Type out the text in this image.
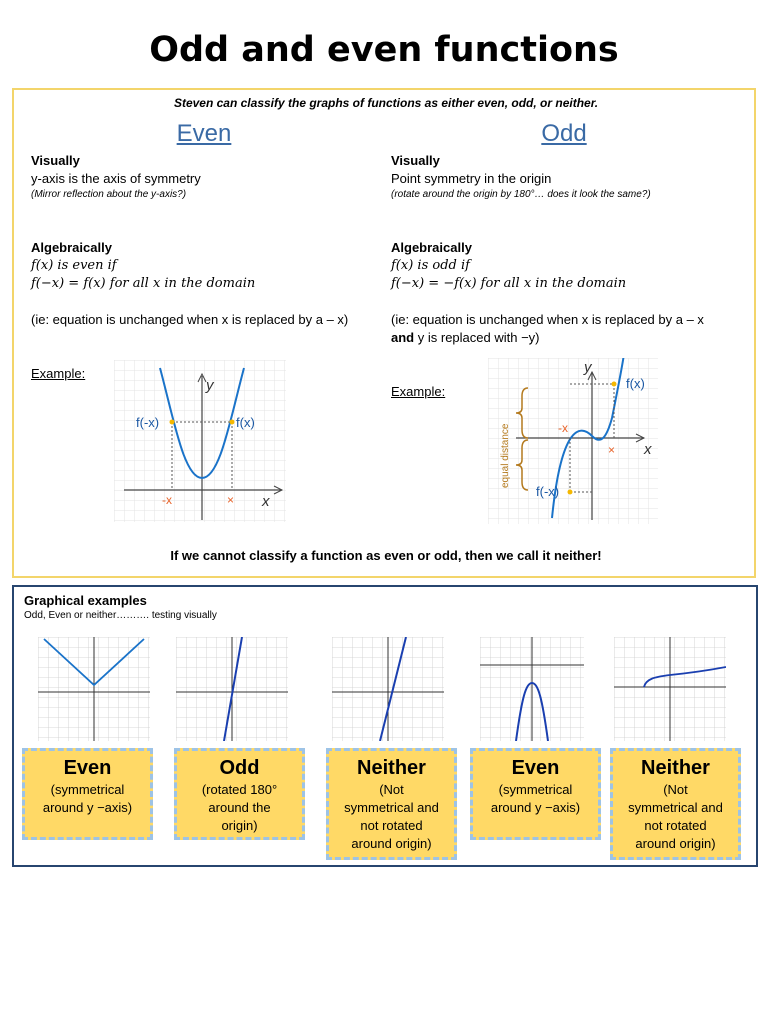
Odd and even functions
Steven can classify the graphs of functions as either even, odd, or neither.
Even
Visually
y-axis is the axis of symmetry
(Mirror reflection about the y-axis?)
Algebraically
f(x) is even if
f(−x) = f(x) for all x in the domain
(ie: equation is unchanged when x is replaced by a – x)
Example:
y
x
f(-x)	f(x)
-x	×
Odd
Visually
Point symmetry in the origin
(rotate around the origin by 180°… does it look the same?)
Algebraically
f(x) is odd if
f(−x) = −f(x) for all x in the domain
(ie: equation is unchanged when x is replaced by a – x
and y is replaced with −y)
Example:
equal distance
y
x
f(x)
f(-x)
-x
×
If we cannot classify a function as even or odd, then we call it neither!
Graphical examples
Odd, Even or neither………. testing visually
Even
(symmetrical
around y −axis)
Odd
(rotated 180°
around the
origin)
Neither
(Not
symmetrical and
not rotated
around origin)
Even
(symmetrical
around y −axis)
Neither
(Not
symmetrical and
not rotated
around origin)
